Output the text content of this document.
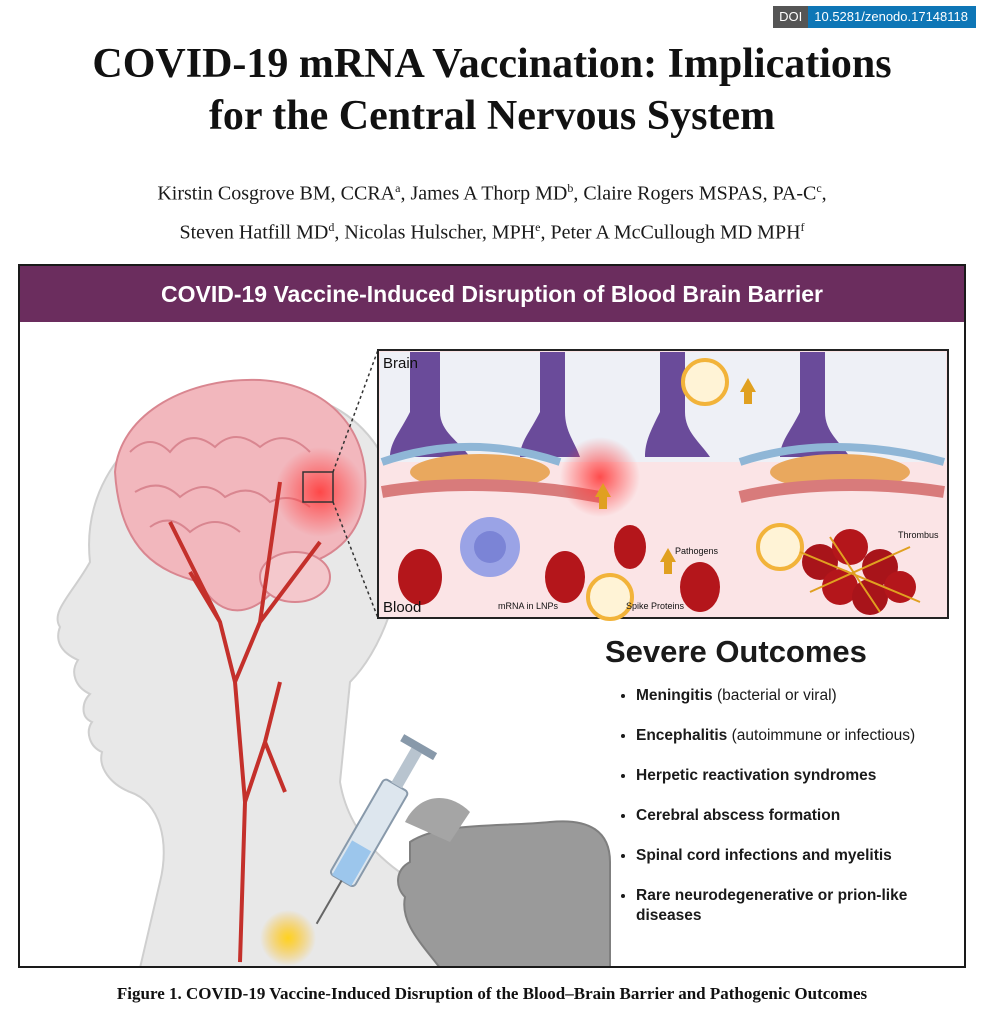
DOI 10.5281/zenodo.17148118
COVID-19 mRNA Vaccination: Implications
for the Central Nervous System
Kirstin Cosgrove BM, CCRA$^a$, James A Thorp $MD^b$, Claire Rogers MSPAS, $PA-C^c$,
Steven Hatfill $MD^d$, Nicolas Hulscher, MPH$^e$, Peter A McCullough MD MPH$^f$
COVID-19 Vaccine-Induced Disruption of Blood Brain Barrier
Brain
Blood	mRNA in LNPs	Spike Proteins
Pathogens
Thrombus
Severe Outcomes
• Meningitis (bacterial or viral)
• Encephalitis (autoimmune or infectious)
• Herpetic reactivation syndromes
• Cerebral abscess formation
• Spinal cord infections and myelitis
• Rare neurodegenerative or prion-like diseases
Figure 1. COVID-19 Vaccine-Induced Disruption of the Blood–Brain Barrier and Pathogenic Outcomes
